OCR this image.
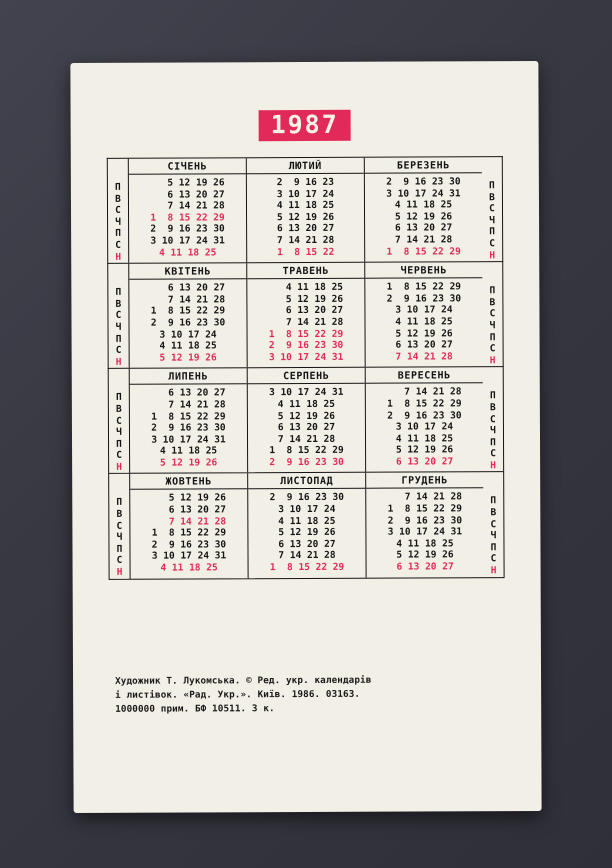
1987
П
В
С
Ч
П
С
Н
СІЧЕНЬ
5 12 19 26
6 13 20 27
7 14 21 28
1  8 15 22 29
2  9 16 23 30
3 10 17 24 31
4 11 18 25
ЛЮТИЙ
2  9 16 23
3 10 17 24
4 11 18 25
5 12 19 26
6 13 20 27
7 14 21 28
1  8 15 22
БЕРЕЗЕНЬ
2  9 16 23 30
3 10 17 24 31
4 11 18 25
5 12 19 26
6 13 20 27
7 14 21 28
1  8 15 22 29
П
В
С
Ч
П
С
Н
П
В
С
Ч
П
С
Н
КВІТЕНЬ
6 13 20 27
7 14 21 28
1  8 15 22 29
2  9 16 23 30
3 10 17 24
4 11 18 25
5 12 19 26
ТРАВЕНЬ
4 11 18 25
5 12 19 26
6 13 20 27
7 14 21 28
1  8 15 22 29
2  9 16 23 30
3 10 17 24 31
ЧЕРВЕНЬ
1  8 15 22 29
2  9 16 23 30
3 10 17 24
4 11 18 25
5 12 19 26
6 13 20 27
7 14 21 28
П
В
С
Ч
П
С
Н
П
В
С
Ч
П
С
Н
ЛИПЕНЬ
6 13 20 27
7 14 21 28
1  8 15 22 29
2  9 16 23 30
3 10 17 24 31
4 11 18 25
5 12 19 26
СЕРПЕНЬ
3 10 17 24 31
4 11 18 25
5 12 19 26
6 13 20 27
7 14 21 28
1  8 15 22 29
2  9 16 23 30
ВЕРЕСЕНЬ
7 14 21 28
1  8 15 22 29
2  9 16 23 30
3 10 17 24
4 11 18 25
5 12 19 26
6 13 20 27
П
В
С
Ч
П
С
Н
П
В
С
Ч
П
С
Н
ЖОВТЕНЬ
5 12 19 26
6 13 20 27
7 14 21 28
1  8 15 22 29
2  9 16 23 30
3 10 17 24 31
4 11 18 25
ЛИСТОПАД
2  9 16 23 30
3 10 17 24
4 11 18 25
5 12 19 26
6 13 20 27
7 14 21 28
1  8 15 22 29
ГРУДЕНЬ
7 14 21 28
1  8 15 22 29
2  9 16 23 30
3 10 17 24 31
4 11 18 25
5 12 19 26
6 13 20 27
П
В
С
Ч
П
С
Н
Художник Т. Лукомська. © Ред. укр. календарів
і листівок. «Рад. Укр.». Київ. 1986. 03163.
1000000 прим. БФ 10511. 3 к.
